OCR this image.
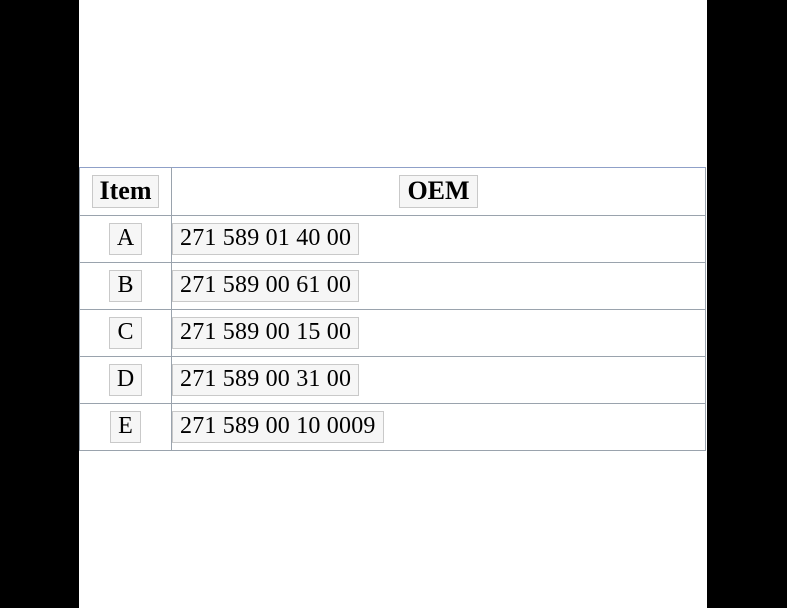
Item	OEM
A	271 589 01 40 00
B	271 589 00 61 00
C	271 589 00 15 00
D	271 589 00 31 00
E	271 589 00 10 0009
